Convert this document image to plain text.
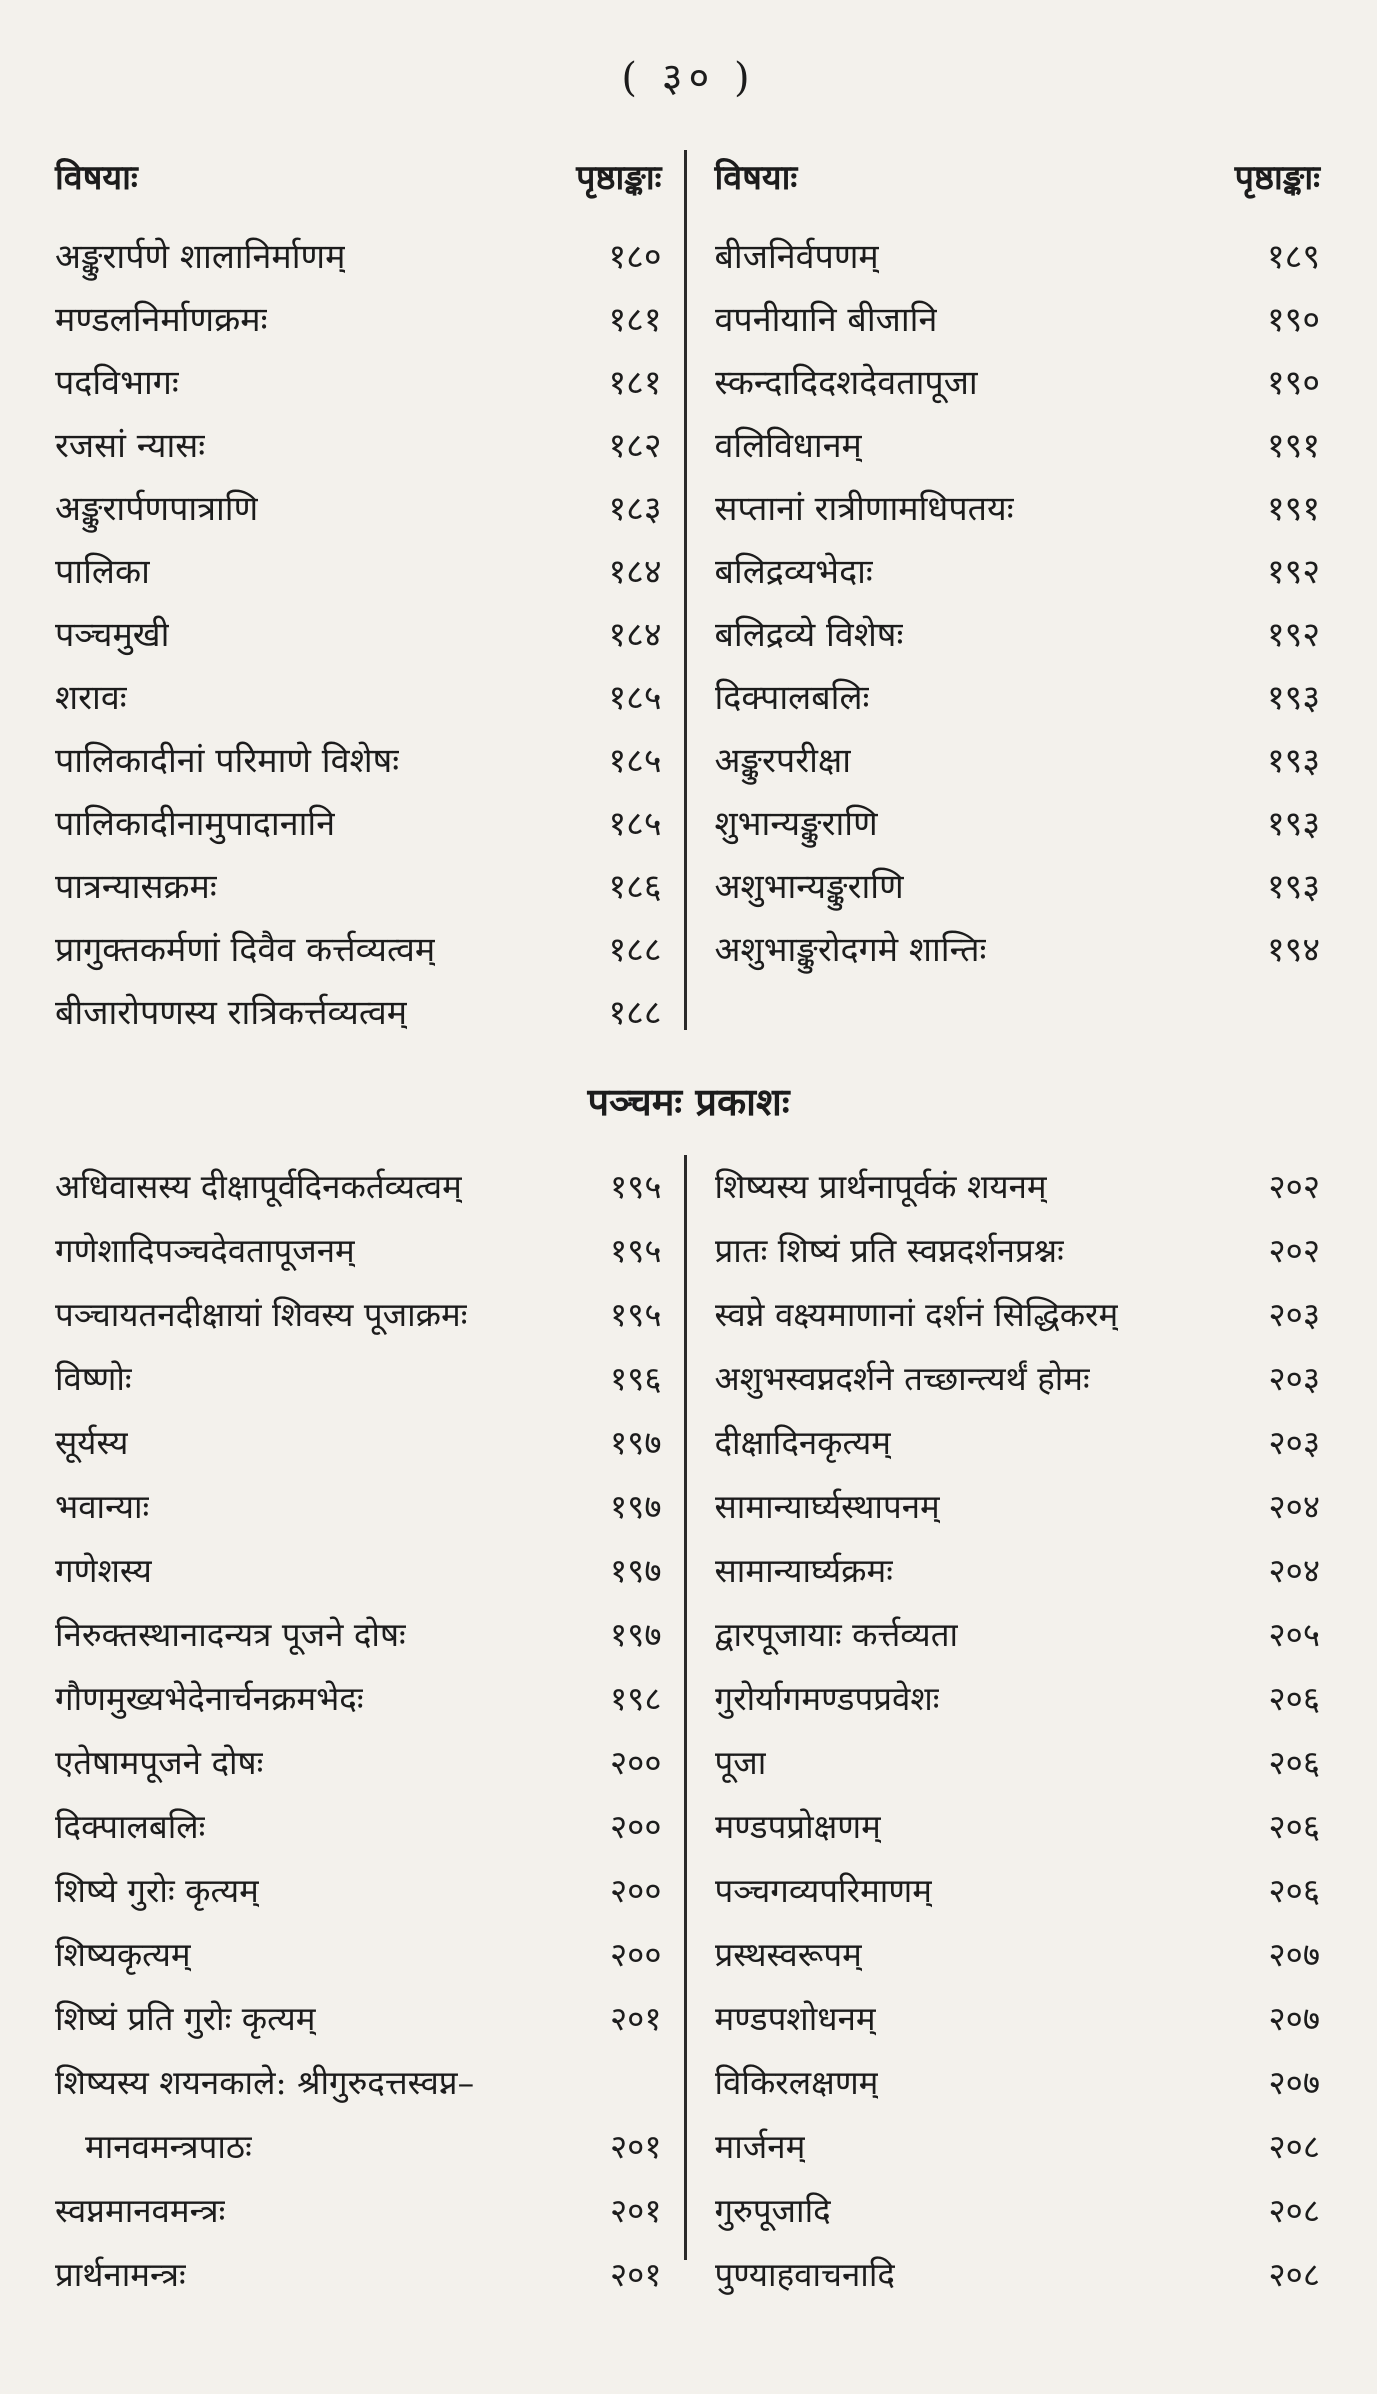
( ३० )
विषयाः	पृष्ठाङ्काः
अङ्कुरार्पणे शालानिर्माणम्	१८०
मण्डलनिर्माणक्रमः	१८१
पदविभागः	१८१
रजसां न्यासः	१८२
अङ्कुरार्पणपात्राणि	१८३
पालिका	१८४
पञ्चमुखी	१८४
शरावः	१८५
पालिकादीनां परिमाणे विशेषः	१८५
पालिकादीनामुपादानानि	१८५
पात्रन्यासक्रमः	१८६
प्रागुक्तकर्मणां दिवैव कर्त्तव्यत्वम्	१८८
बीजारोपणस्य रात्रिकर्त्तव्यत्वम्	१८८
विषयाः	पृष्ठाङ्काः
बीजनिर्वपणम्	१८९
वपनीयानि बीजानि	१९०
स्कन्दादिदशदेवतापूजा	१९०
वलिविधानम्	१९१
सप्तानां रात्रीणामधिपतयः	१९१
बलिद्रव्यभेदाः	१९२
बलिद्रव्ये विशेषः	१९२
दिक्पालबलिः	१९३
अङ्कुरपरीक्षा	१९३
शुभान्यङ्कुराणि	१९३
अशुभान्यङ्कुराणि	१९३
अशुभाङ्कुरोदगमे शान्तिः	१९४
पञ्चमः प्रकाशः
अधिवासस्य दीक्षापूर्वदिनकर्तव्यत्वम्	१९५
गणेशादिपञ्चदेवतापूजनम्	१९५
पञ्चायतनदीक्षायां शिवस्य पूजाक्रमः	१९५
विष्णोः	१९६
सूर्यस्य	१९७
भवान्याः	१९७
गणेशस्य	१९७
निरुक्तस्थानादन्यत्र पूजने दोषः	१९७
गौणमुख्यभेदेनार्चनक्रमभेदः	१९८
एतेषामपूजने दोषः	२००
दिक्पालबलिः	२००
शिष्ये गुरोः कृत्यम्	२००
शिष्यकृत्यम्	२००
शिष्यं प्रति गुरोः कृत्यम्	२०१
शिष्यस्य शयनकाले: श्रीगुरुदत्तस्वप्न–
मानवमन्त्रपाठः	२०१
स्वप्नमानवमन्त्रः	२०१
प्रार्थनामन्त्रः	२०१
शिष्यस्य प्रार्थनापूर्वकं शयनम्	२०२
प्रातः शिष्यं प्रति स्वप्नदर्शनप्रश्नः	२०२
स्वप्ने वक्ष्यमाणानां दर्शनं सिद्धिकरम्	२०३
अशुभस्वप्नदर्शने तच्छान्त्यर्थं होमः	२०३
दीक्षादिनकृत्यम्	२०३
सामान्यार्घ्यस्थापनम्	२०४
सामान्यार्घ्यक्रमः	२०४
द्वारपूजायाः कर्त्तव्यता	२०५
गुरोर्यागमण्डपप्रवेशः	२०६
पूजा	२०६
मण्डपप्रोक्षणम्	२०६
पञ्चगव्यपरिमाणम्	२०६
प्रस्थस्वरूपम्	२०७
मण्डपशोधनम्	२०७
विकिरलक्षणम्	२०७
मार्जनम्	२०८
गुरुपूजादि	२०८
पुण्याहवाचनादि	२०८
